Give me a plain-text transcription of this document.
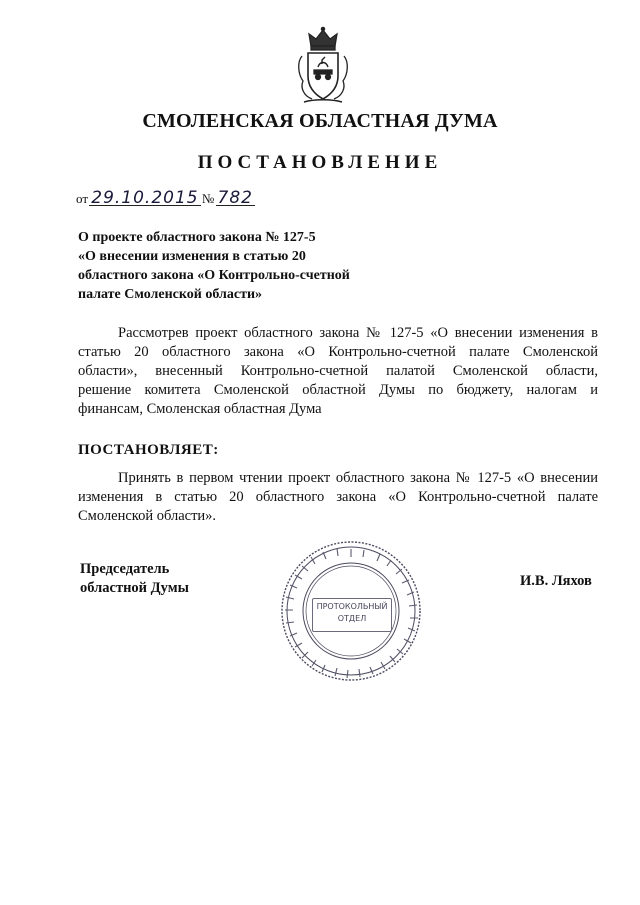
СМОЛЕНСКАЯ ОБЛАСТНАЯ ДУМА
ПОСТАНОВЛЕНИЕ
от 29.10.2015 № 782
О проекте областного закона № 127-5
«О внесении изменения в статью 20
областного закона «О Контрольно-счетной
палате Смоленской области»
Рассмотрев проект областного закона № 127-5 «О внесении изменения в
статью 20 областного закона «О Контрольно-счетной палате Смоленской
области», внесенный Контрольно-счетной палатой Смоленской области,
решение комитета Смоленской областной Думы по бюджету, налогам и
финансам, Смоленская областная Дума
ПОСТАНОВЛЯЕТ:
Принять в первом чтении проект областного закона № 127-5 «О внесении
изменения в статью 20 областного закона «О Контрольно-счетной палате
Смоленской области».
Председатель
областной Думы
ПРОТОКОЛЬНЫЙ
ОТДЕЛ
И.В. Ляхов
